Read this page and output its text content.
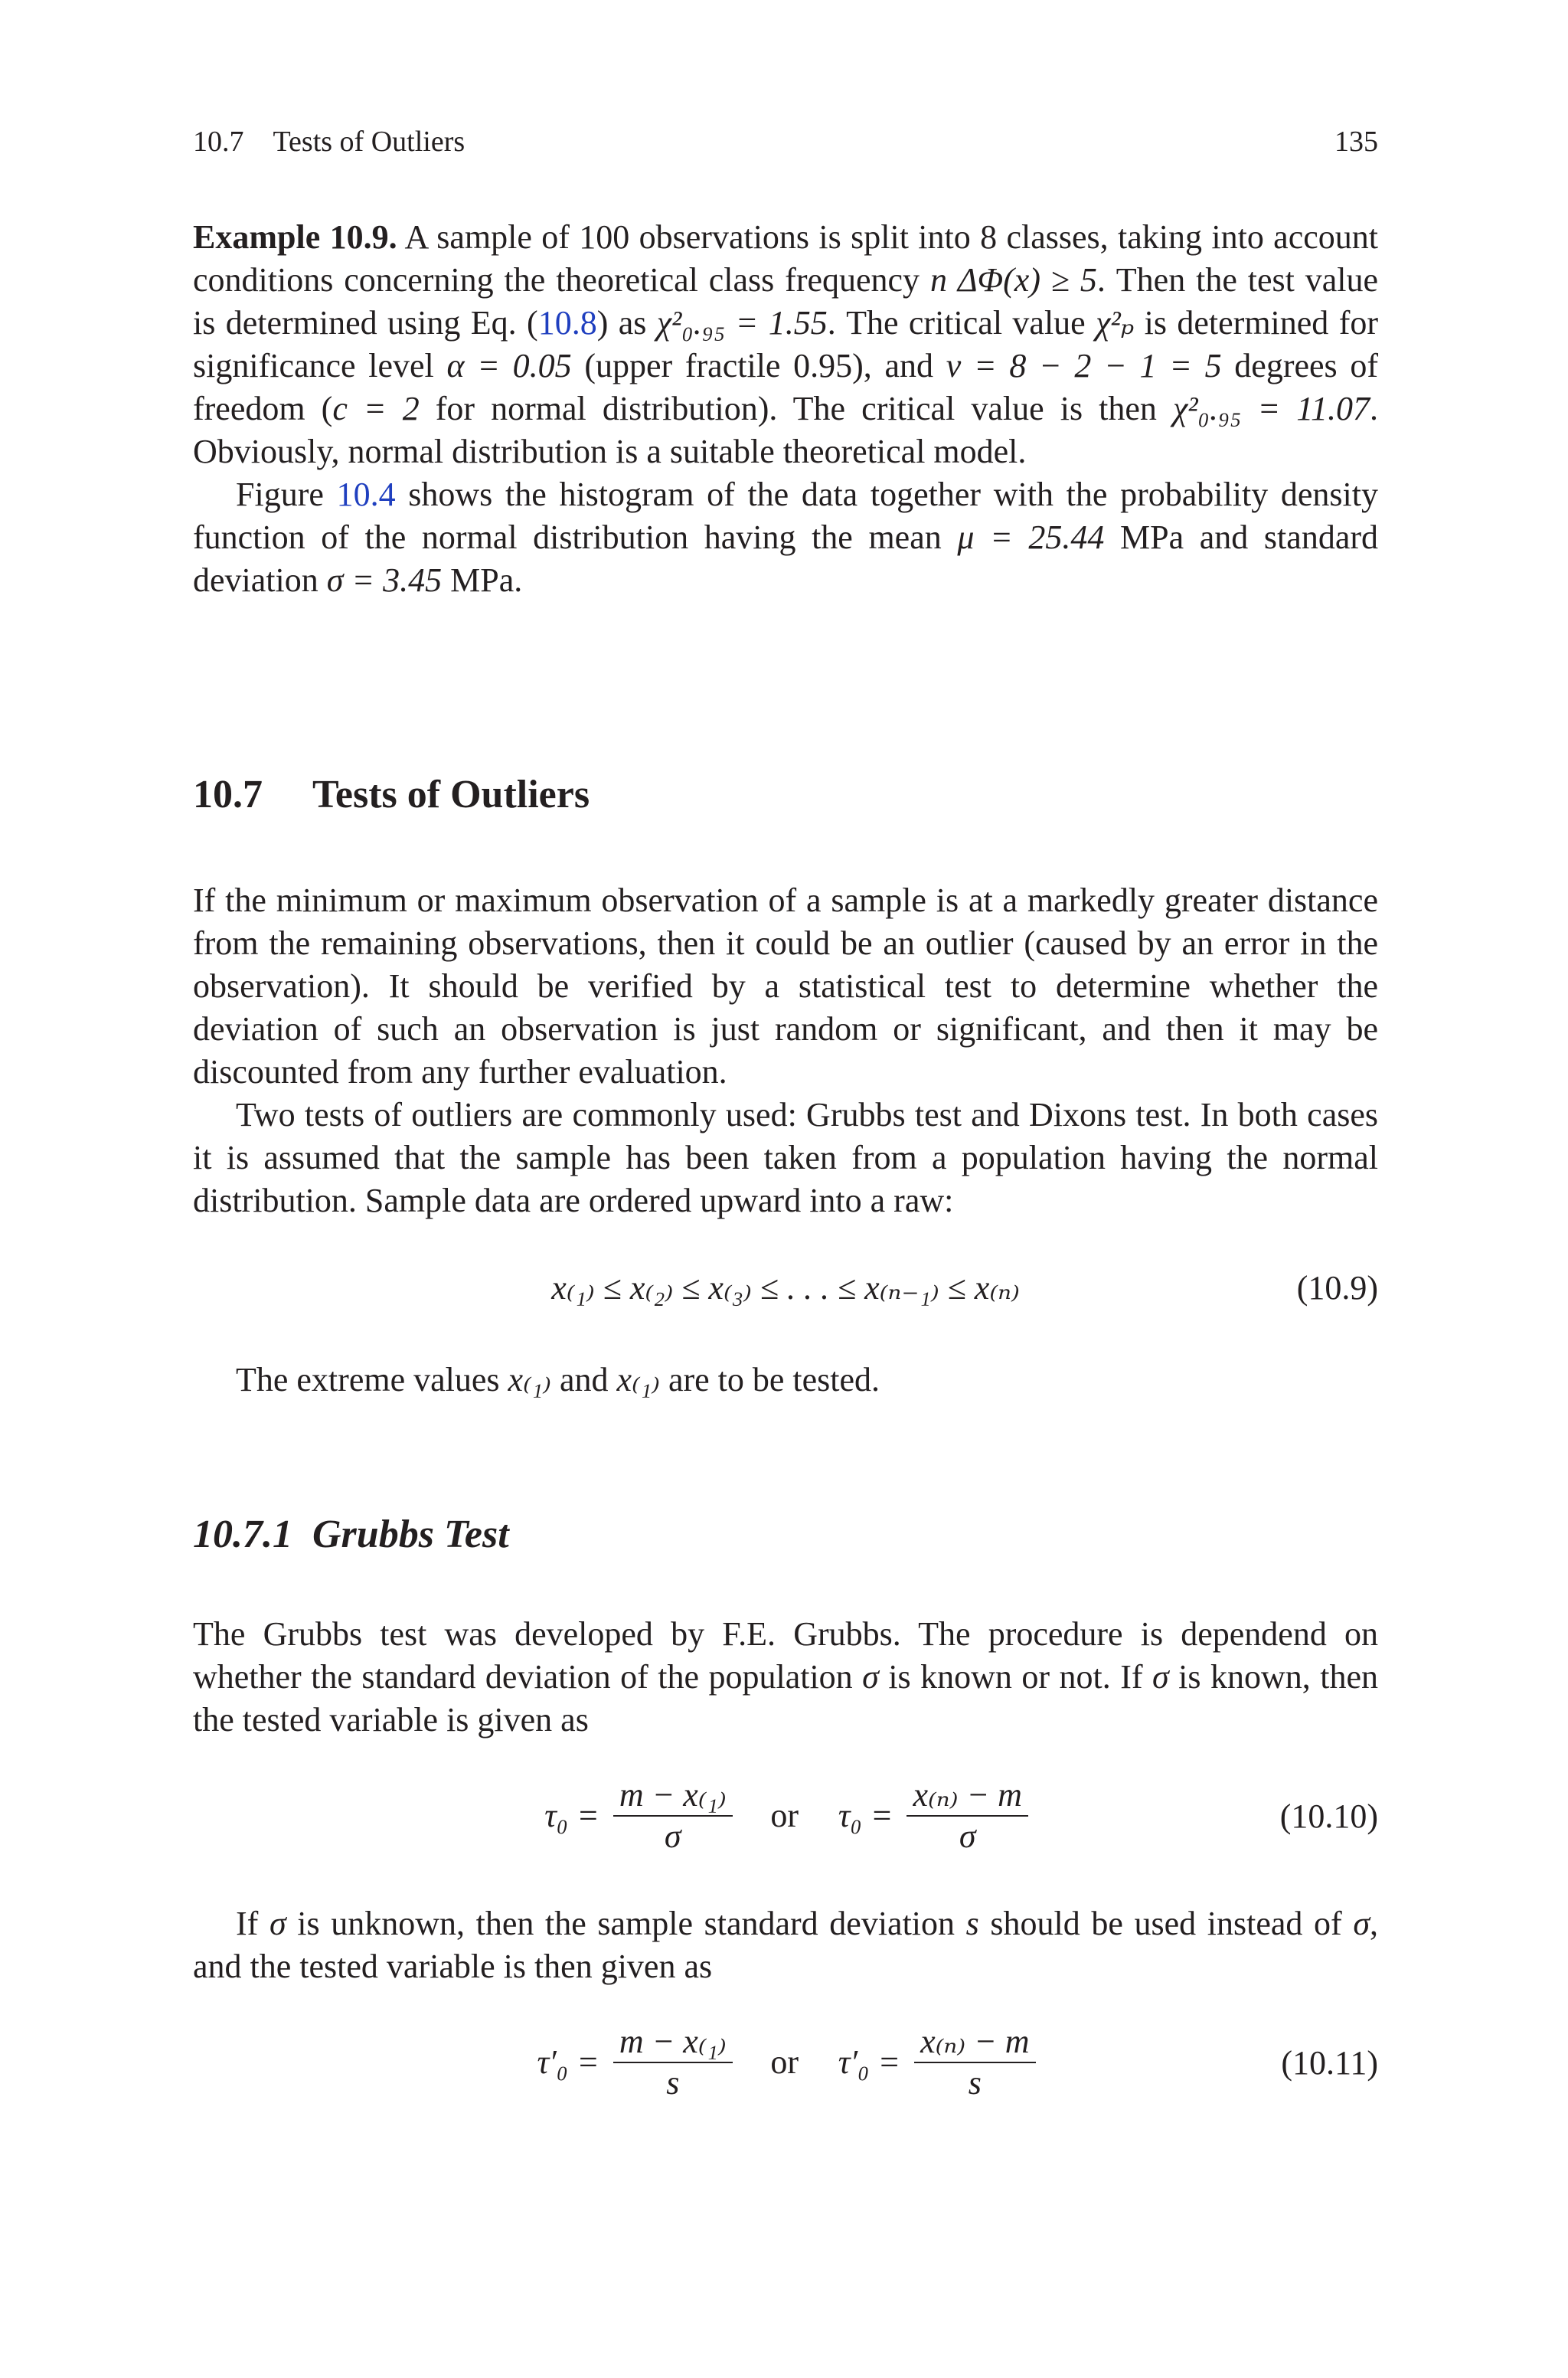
10.7 Tests of Outliers	135

Example 10.9. A sample of 100 observations is split into 8 classes, taking into account conditions concerning the theoretical class frequency n ΔΦ(x) ≥ 5. Then the test value is determined using Eq. (10.8) as χ²₀.₉₅ = 1.55. The critical value χ²ₚ is determined for significance level α = 0.05 (upper fractile 0.95), and ν = 8 − 2 − 1 = 5 degrees of freedom (c = 2 for normal distribution). The critical value is then χ²₀.₉₅ = 11.07. Obviously, normal distribution is a suitable theoretical model.

Figure 10.4 shows the histogram of the data together with the probability density function of the normal distribution having the mean μ = 25.44 MPa and standard deviation σ = 3.45 MPa.

10.7 Tests of Outliers

If the minimum or maximum observation of a sample is at a markedly greater distance from the remaining observations, then it could be an outlier (caused by an error in the observation). It should be verified by a statistical test to determine whether the deviation of such an observation is just random or significant, and then it may be discounted from any further evaluation.

Two tests of outliers are commonly used: Grubbs test and Dixons test. In both cases it is assumed that the sample has been taken from a population having the normal distribution. Sample data are ordered upward into a raw:

x₍₁₎ ≤ x₍₂₎ ≤ x₍₃₎ ≤ . . . ≤ x₍ₙ₋₁₎ ≤ x₍ₙ₎	(10.9)

The extreme values x₍₁₎ and x₍₁₎ are to be tested.

10.7.1 Grubbs Test

The Grubbs test was developed by F.E. Grubbs. The procedure is dependend on whether the standard deviation of the population σ is known or not. If σ is known, then the tested variable is given as

$\tau_0 = \frac{\text{m − x₍₁₎}}{\sigma}$ or $\tau_0 = \frac{\text{x₍ₙ₎ − m}}{\sigma}$	(10.10)

If σ is unknown, then the sample standard deviation s should be used instead of σ, and the tested variable is then given as

$\tau'_0 = \frac{\text{m − x₍₁₎}}{s}$ or $\tau'_0 = \frac{\text{x₍ₙ₎ − m}}{s}$	(10.11)
